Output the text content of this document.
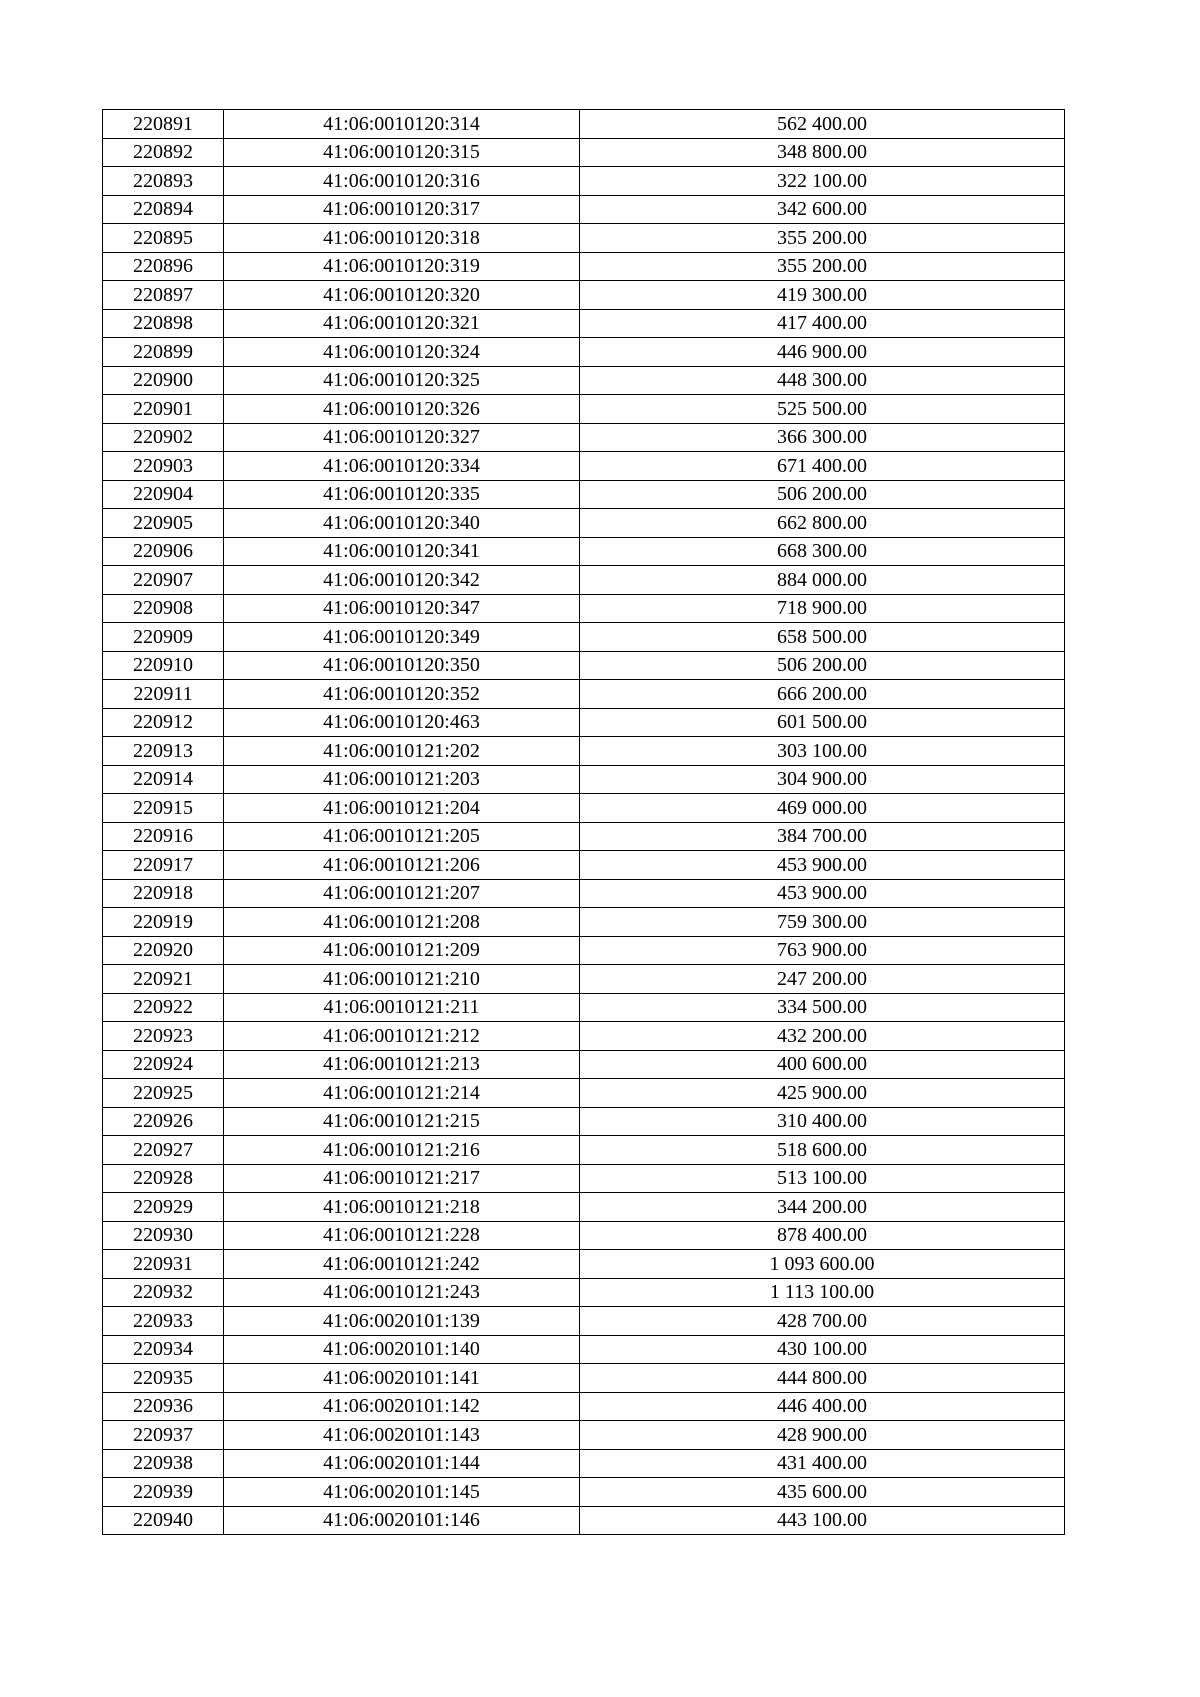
220891	41:06:0010120:314	562 400.00
220892	41:06:0010120:315	348 800.00
220893	41:06:0010120:316	322 100.00
220894	41:06:0010120:317	342 600.00
220895	41:06:0010120:318	355 200.00
220896	41:06:0010120:319	355 200.00
220897	41:06:0010120:320	419 300.00
220898	41:06:0010120:321	417 400.00
220899	41:06:0010120:324	446 900.00
220900	41:06:0010120:325	448 300.00
220901	41:06:0010120:326	525 500.00
220902	41:06:0010120:327	366 300.00
220903	41:06:0010120:334	671 400.00
220904	41:06:0010120:335	506 200.00
220905	41:06:0010120:340	662 800.00
220906	41:06:0010120:341	668 300.00
220907	41:06:0010120:342	884 000.00
220908	41:06:0010120:347	718 900.00
220909	41:06:0010120:349	658 500.00
220910	41:06:0010120:350	506 200.00
220911	41:06:0010120:352	666 200.00
220912	41:06:0010120:463	601 500.00
220913	41:06:0010121:202	303 100.00
220914	41:06:0010121:203	304 900.00
220915	41:06:0010121:204	469 000.00
220916	41:06:0010121:205	384 700.00
220917	41:06:0010121:206	453 900.00
220918	41:06:0010121:207	453 900.00
220919	41:06:0010121:208	759 300.00
220920	41:06:0010121:209	763 900.00
220921	41:06:0010121:210	247 200.00
220922	41:06:0010121:211	334 500.00
220923	41:06:0010121:212	432 200.00
220924	41:06:0010121:213	400 600.00
220925	41:06:0010121:214	425 900.00
220926	41:06:0010121:215	310 400.00
220927	41:06:0010121:216	518 600.00
220928	41:06:0010121:217	513 100.00
220929	41:06:0010121:218	344 200.00
220930	41:06:0010121:228	878 400.00
220931	41:06:0010121:242	1 093 600.00
220932	41:06:0010121:243	1 113 100.00
220933	41:06:0020101:139	428 700.00
220934	41:06:0020101:140	430 100.00
220935	41:06:0020101:141	444 800.00
220936	41:06:0020101:142	446 400.00
220937	41:06:0020101:143	428 900.00
220938	41:06:0020101:144	431 400.00
220939	41:06:0020101:145	435 600.00
220940	41:06:0020101:146	443 100.00
